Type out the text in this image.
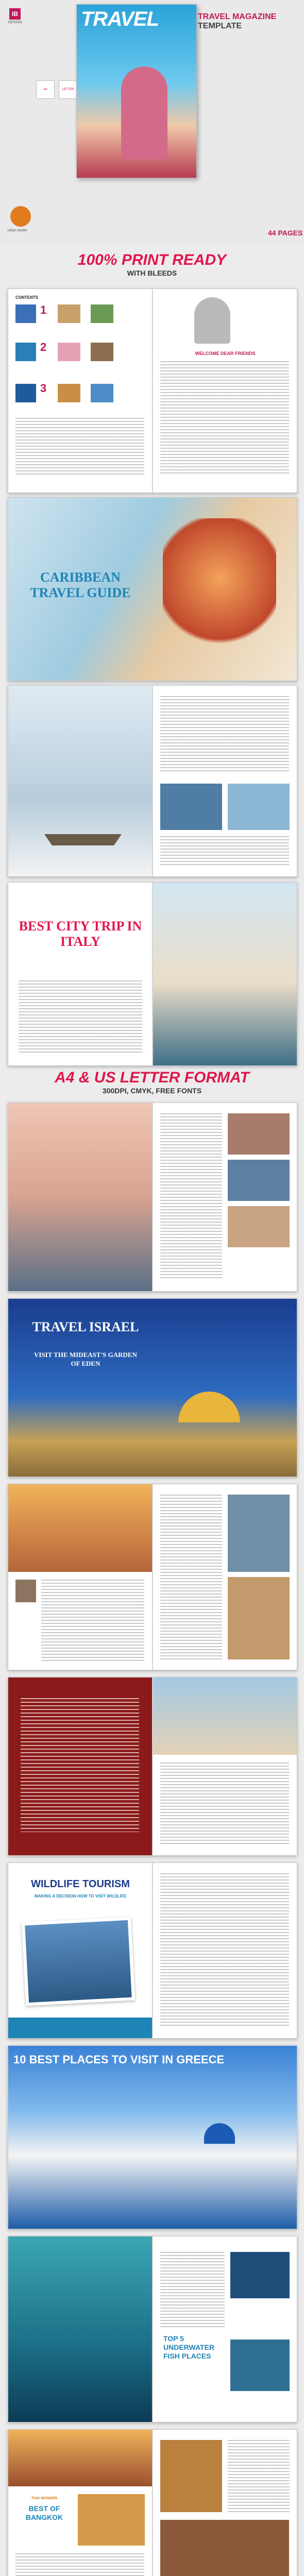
IB
DESIGN
A4	LETTER
urban studio
TRAVEL	TRAVEL MAGAZINE TEMPLATE
44 PAGES
100% PRINT READY
WITH BLEEDS
CONTENTS
1
2
3
WELCOME DEAR FRIENDS
CARIBBEAN TRAVEL GUIDE
BEST CITY TRIP IN ITALY
A4 & US LETTER FORMAT
300DPI, CMYK, FREE FONTS
TRAVEL ISRAEL
VISIT THE MIDEAST'S GARDEN OF EDEN
WILDLIFE TOURISM
MAKING A DECISION HOW TO VISIT WILDLIFE
10 BEST PLACES TO VISIT IN GREECE
TOP 5 UNDERWATER FISH PLACES
THAI WONDER
BEST OF BANGKOK
